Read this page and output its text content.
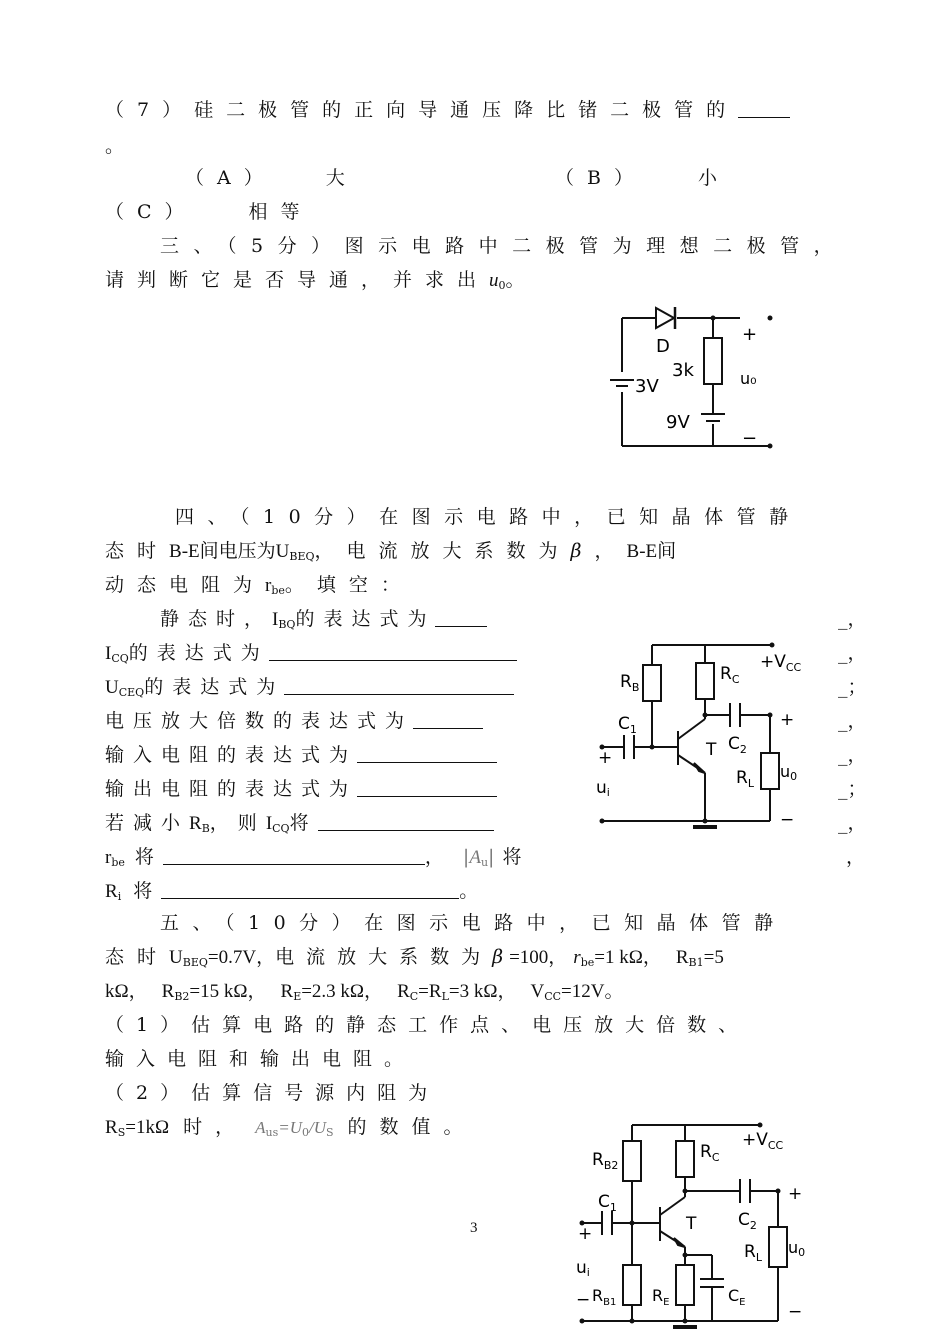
（7）硅二极管的正向导通压降比锗二极管的
。
（A）	大	（B）	小
（C）	相等
三、（5分）图示电路中二极管为理想二极管，
请判断它是否导通，并求出$u_0$。
D
3k
3V
9V
+
u₀
−
四、（10分）在图示电路中，已知晶体管静
态时B-E间电压为$U_{BEQ}$，电流放大系数为β，B-E间
动态电阻为$r_{be}$。填空：
静态时，$I_{BQ}$的表达式为
$I_{CQ}$的表达式为
$U_{CEQ}$的表达式为
电压放大倍数的表达式为
输入电阻的表达式为
输出电阻的表达式为
若减小$R_B$，则$I_{CQ}$将
$r_{be}$ 将	， $|A_u|$ 将
$R_i$ 将	。
_，
_，
_；
_，
_，
_；
_，
，
$R_B$
$R_C$
$+V_{CC}$
$C_1$
$C_2$
T
$R_L$
u0
ui
+
+
−
五、（10分）在图示电路中，已知晶体管静
态时$U_{BEQ}=0.7V$，电流放大系数为β=100， $r_{be}=1$ kΩ， $R_{B1}=5$
kΩ， $R_{B2}=15$ kΩ， $R_E=2.3$ kΩ， $R_C=R_L=3$ kΩ， $V_{CC}=12V$。
（1）估算电路的静态工作点、电压放大倍数、
输入电阻和输出电阻。
（2）估算信号源内阻为
$R_S=1k\Omega$ 时， $A_{us}=U_0/U_S$ 的数值。
$R_{B2}$
$R_C$
$+V_{CC}$
$C_1$
$C_2$
T
$R_L$
u0
ui
$R_{B1}$ $R_E$	$C_E$
+
+
−
−
3
